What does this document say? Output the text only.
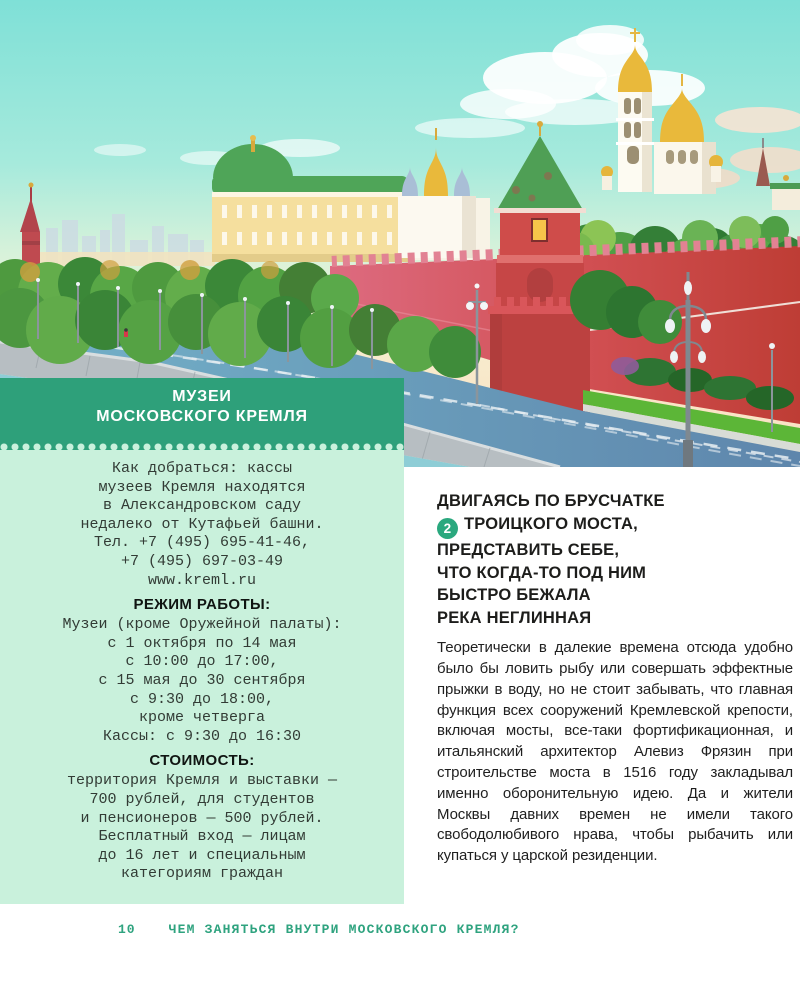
МУЗЕИ
МОСКОВСКОГО КРЕМЛЯ
Как добраться: кассы
музеев Кремля находятся
в Александровском саду
недалеко от Кутафьей башни.
Тел. +7 (495) 695-41-46,
+7 (495) 697-03-49
www.kreml.ru
РЕЖИМ РАБОТЫ:
Музеи (кроме Оружейной палаты):
с 1 октября по 14 мая
с 10:00 до 17:00,
с 15 мая до 30 сентября
с 9:30 до 18:00,
кроме четверга
Кассы: с 9:30 до 16:30
СТОИМОСТЬ:
территория Кремля и выставки —
700 рублей, для студентов
и пенсионеров — 500 рублей.
Бесплатный вход — лицам
до 16 лет и специальным
категориям граждан
ДВИГАЯСЬ ПО БРУСЧАТКЕ
2 ТРОИЦКОГО МОСТА,
ПРЕДСТАВИТЬ СЕБЕ,
ЧТО КОГДА-ТО ПОД НИМ
БЫСТРО БЕЖАЛА
РЕКА НЕГЛИННАЯ
Теоретически в далекие времена отсюда удобно было бы ловить рыбу или совершать эффектные прыжки в воду, но не стоит забывать, что главная функция всех сооружений Кремлевской крепости, включая мосты, все-таки фортификационная, и итальянский архитектор Алевиз Фрязин при строительстве моста в 1516 году закладывал именно оборонительную идею. Да и жители Москвы давних времен не имели такого свободолюбивого нрава, чтобы рыбачить или купаться у царской резиденции.
10	ЧЕМ ЗАНЯТЬСЯ ВНУТРИ МОСКОВСКОГО КРЕМЛЯ?
